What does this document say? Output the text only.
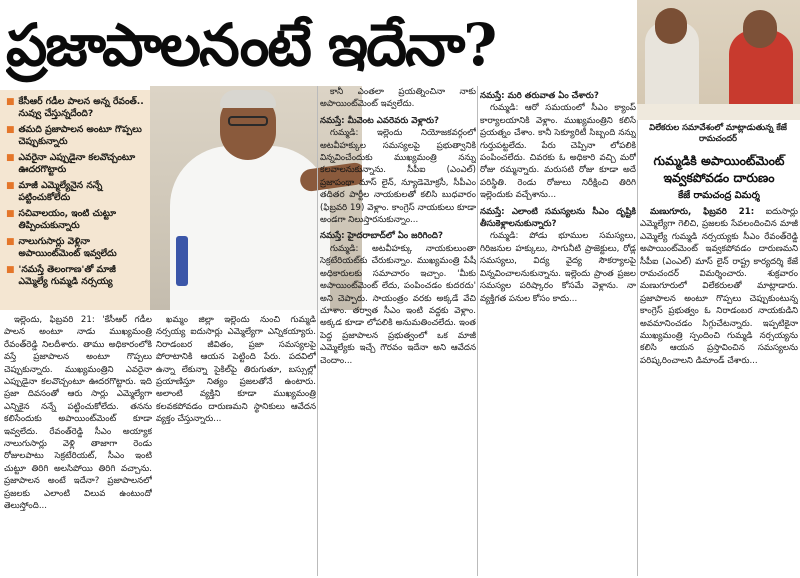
ప్రజాపాలనంటే ఇదేనా?
■ కేసీఆర్ గడీల పాలన అన్న రేవంత్.. నువ్వు చేస్తున్నదేంది?
■ తమది ప్రజాపాలన అంటూ గొప్పలు చెప్పుకున్నారు
■ ఎవరైనా ఎప్పుడైనా కలవొచ్చంటూ ఊదరగొట్టారు
■ మాజీ ఎమ్మెల్యేనైన నన్నే పట్టించుకోలేదు
■ సచివాలయం, ఇంటి చుట్టూ తిప్పించుకున్నారు
■ నాలుగుసార్లు వెళ్లినా అపాయింట్‌మెంట్ ఇవ్వలేదు
■ 'నమస్తే తెలంగాణ'తో మాజీ ఎమ్మెల్యే గుమ్మడి నర్సయ్య

ఇల్లెందు, ఫిబ్రవరి 21: 'కేసీఆర్ గడీల పాలన అంటూ నాడు ముఖ్యమంత్రి రేవంత్‌రెడ్డి నిలదీశారు. తాము అధికారంలోకి వస్తే ప్రజాపాలన అంటూ గొప్పలు చెప్పుకున్నారు. ముఖ్యమంత్రిని ఎవరైనా ఎప్పుడైనా కలవొచ్చంటూ ఊదరగొట్టారు. ఇది ప్రజా దివసంతో ఆరు సార్లు ఎమ్మెల్యేగా ఎన్నికైన నన్నే పట్టించుకోలేదు. తనను కలిసేందుకు అపాయింట్‌మెంట్ కూడా ఇవ్వలేదు. రేవంత్‌రెడ్డి సీఎం అయ్యాక నాలుగుసార్లు వెళ్లి తాజాగా రెండు రోజులపాటు సెక్రటేరియట్, సీఎం ఇంటి చుట్టూ తిరిగి అలసిపోయి తిరిగి వచ్చాను. ప్రజాపాలన అంటే ఇదేనా? ప్రజాపాలనలో ప్రజలకు ఎలాంటి విలువ ఉంటుందో తెలుస్తోంది...

ఖమ్మం జిల్లా ఇల్లెందు నుంచి గుమ్మడి నర్సయ్య ఐదుసార్లు ఎమ్మెల్యేగా ఎన్నికయ్యారు. నిరాడంబర జీవితం, ప్రజా సమస్యలపై పోరాటానికి ఆయన పెట్టింది పేరు. పదవిలో ఉన్నా లేకున్నా సైకిల్‌పై తిరుగుతూ, బస్సుల్లో ప్రయాణిస్తూ నిత్యం ప్రజలతోనే ఉంటారు. అలాంటి వ్యక్తిని కూడా ముఖ్యమంత్రి కలవకపోవడం దారుణమని స్థానికులు ఆవేదన వ్యక్తం చేస్తున్నారు...

కానీ ఎంతలా ప్రయత్నించినా నాకు అపాయింట్‌మెంట్ ఇవ్వలేదు.

నమస్తే: మీవెంట ఎవరెవరు వెళ్లారు?

గుమ్మడి: ఇల్లెందు నియోజకవర్గంలో అటవీహక్కుల సమస్యలపై ప్రభుత్వానికి విన్నవించేందుకు ముఖ్యమంత్రి నన్ను కలవాలనుకున్నాను. సీపీఐ (ఎంఎల్) ప్రజాపంథా మాస్ లైన్, న్యూడెమోక్రసీ, సీపీఎం తదితర పార్టీల నాయకులతో కలిసి బుధవారం (ఫిబ్రవరి 19) వెళ్లాం. కాంగ్రెస్ నాయకులు కూడా అండగా నిలుస్తారనుకున్నాం...

నమస్తే: హైదరాబాద్‌లో ఏం జరిగింది?

గుమ్మడి: అటవీహక్కు నాయకులుంతా సెక్రటేరియట్‌కు చేరుకున్నాం. ముఖ్యమంత్రి పేషీ అధికారులకు సమాచారం ఇచ్చాం. 'మీకు అపాయింట్‌మెంట్ లేదు, పంపించడం కుదరదు' అని చెప్పారు. సాయంత్రం వరకు అక్కడే వేచి చూశాం. తర్వాత సీఎం ఇంటి వద్దకు వెళ్లాం. అక్కడ కూడా లోపలికి అనుమతించలేదు. ఇంత పెద్ద ప్రజాపాలన ప్రభుత్వంలో ఒక మాజీ ఎమ్మెల్యేకు ఇచ్చే గౌరవం ఇదేనా అని ఆవేదన చెందాం...

నమస్తే: మరి తరువాత ఏం చేశారు?

గుమ్మడి: ఆరో సమయంలో సీఎం క్యాంప్ కార్యాలయానికి వెళ్లాం. ముఖ్యమంత్రిని కలిసే ప్రయత్నం చేశాం. కానీ సెక్యూరిటీ సిబ్బంది నన్ను గుర్తుపట్టలేదు. పేరు చెప్పినా లోపలికి పంపించలేదు. చివరకు ఓ అధికారి వచ్చి మరో రోజు రమ్మన్నారు. మరుసటి రోజు కూడా అదే పరిస్థితి. రెండు రోజులు నిరీక్షించి తిరిగి ఇల్లెందుకు వచ్చేశాను...

నమస్తే: ఎలాంటి సమస్యలను సీఎం దృష్టికి తీసుకెళ్లాలనుకున్నారు?

గుమ్మడి: పోడు భూముల సమస్యలు, గిరిజనుల హక్కులు, సాగునీటి ప్రాజెక్టులు, రోడ్ల సమస్యలు, విద్య వైద్య సౌకర్యాలపై విన్నవించాలనుకున్నాను. ఇల్లెందు ప్రాంత ప్రజల సమస్యల పరిష్కారం కోసమే వెళ్లాను. నా వ్యక్తిగత పనుల కోసం కాదు...

విలేకరుల సమావేశంలో మాట్లాడుతున్న కేజే రామచందర్
గుమ్మడికి అపాయింట్‌మెంట్ ఇవ్వకపోవడం దారుణం
కేజే రామచంద్ర విమర్శ

మణుగూరు, ఫిబ్రవరి 21: ఐదుసార్లు ఎమ్మెల్యేగా గెలిచి, ప్రజలకు సేవలందించిన మాజీ ఎమ్మెల్యే గుమ్మడి నర్సయ్యకు సీఎం రేవంత్‌రెడ్డి అపాయింట్‌మెంట్ ఇవ్వకపోవడం దారుణమని సీపీఐ (ఎంఎల్) మాస్ లైన్ రాష్ట్ర కార్యదర్శి కేజే రామచందర్ విమర్శించారు. శుక్రవారం మణుగూరులో విలేకరులతో మాట్లాడారు. ప్రజాపాలన అంటూ గొప్పలు చెప్పుకుంటున్న కాంగ్రెస్ ప్రభుత్వం ఓ నిరాడంబర నాయకుడిని అవమానించడం సిగ్గుచేటన్నారు. ఇప్పటికైనా ముఖ్యమంత్రి స్పందించి గుమ్మడి నర్సయ్యను కలిసి ఆయన ప్రస్తావించిన సమస్యలను పరిష్కరించాలని డిమాండ్ చేశారు...
